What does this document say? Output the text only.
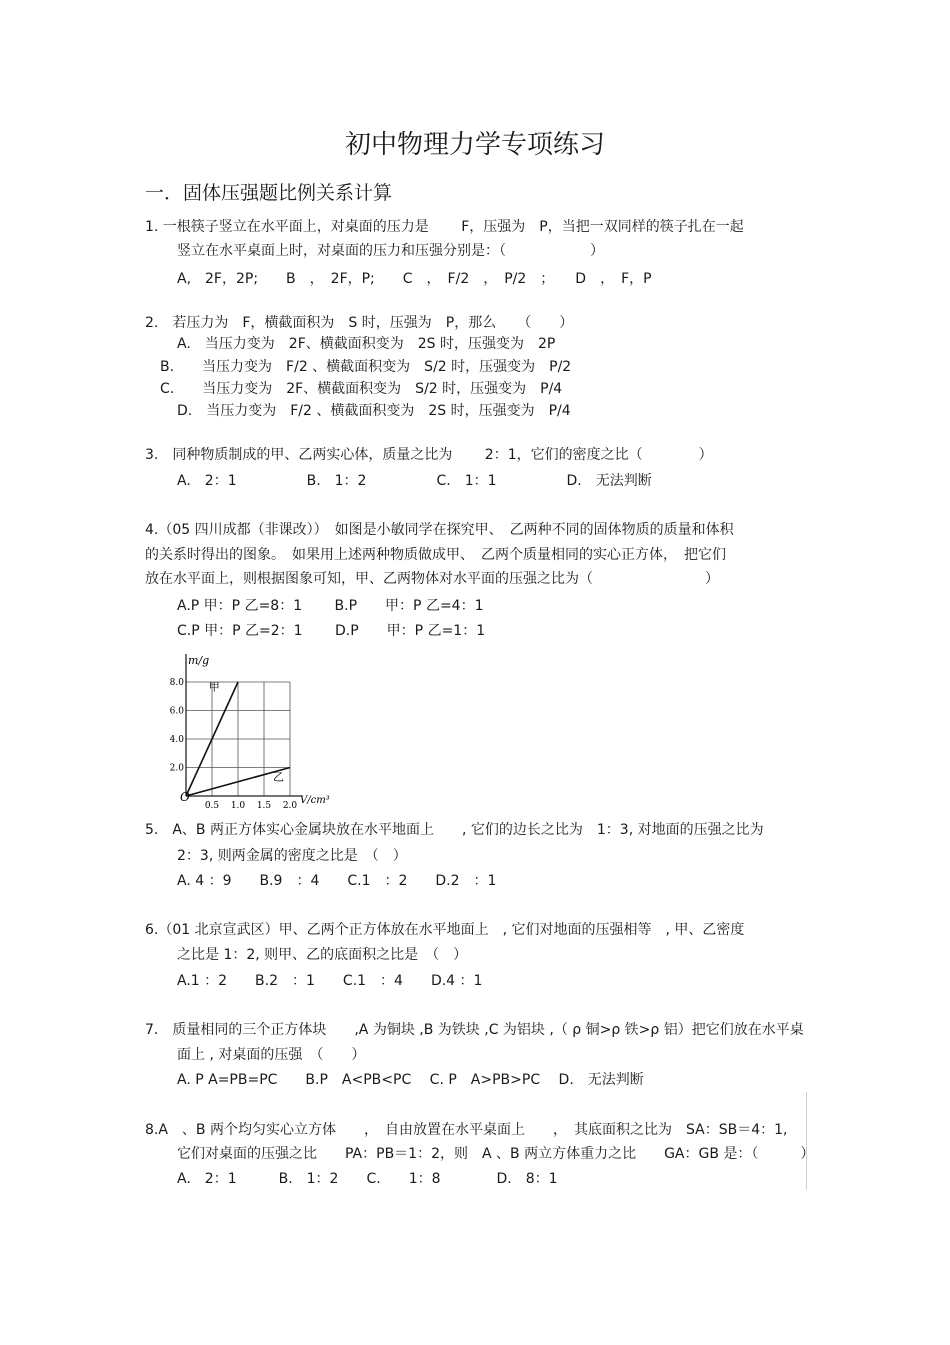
初中物理力学专项练习
一．固体压强题比例关系计算
1. 一根筷子竖立在水平面上，对桌面的压力是　　 F，压强为　P，当把一双同样的筷子扎在一起
竖立在水平桌面上时，对桌面的压力和压强分别是：（　　　　　　）
A,　2F，2P;　　B　，　2F，P;　　C　，　F/2　，　P/2　；　　D　，　F，P
2.　若压力为　F，横截面积为　S 时，压强为　P，那么　　（　　）
A.　当压力变为　2F、横截面积变为　2S 时，压强变为　2P
B.　　当压力变为　F/2 、横截面积变为　S/2 时，压强变为　P/2
C.　　当压力变为　2F、横截面积变为　S/2 时，压强变为　P/4
D.　当压力变为　F/2 、横截面积变为　2S 时，压强变为　P/4
3.　同种物质制成的甲、乙两实心体，质量之比为　　 2：1，它们的密度之比（　　　　）
A.　2：1　　　　　B.　1：2　　　　　C.　1：1　　　　　D.　无法判断
4.（05 四川成都（非课改））　如图是小敏同学在探究甲、　乙两种不同的固体物质的质量和体积
的关系时得出的图象。　如果用上述两种物质做成甲、　乙两个质量相同的实心正方体，　把它们
放在水平面上，则根据图象可知，甲、乙两物体对水平面的压强之比为（　　　　　　　　）
A.P 甲：P 乙=8：1　　 B.P　　甲：P 乙=4：1
C.P 甲：P 乙=2：1　　 D.P　　甲：P 乙=1：1
8.0
6.0
4.0
2.0
0.5 1.0 1.5 2.0
甲
乙
m/g
V/cm³
O
5.　A、B 两正方体实心金属块放在水平地面上　　, 它们的边长之比为　1：3, 对地面的压强之比为
2：3, 则两金属的密度之比是　（　）
A. 4 ：9　　B.9　：4　　C.1　：2　　D.2　：1
6.（01 北京宣武区）甲、乙两个正方体放在水平地面上　, 它们对地面的压强相等　, 甲、乙密度
之比是 1：2, 则甲、乙的底面积之比是　（　）
A.1 ：2　　B.2　：1　　C.1　：4　　D.4 ：1
7.　质量相同的三个正方体块　　,A 为铜块 ,B 为铁块 ,C 为铝块 ,（ ρ 铜>ρ 铁>ρ 铝）把它们放在水平桌
面上 , 对桌面的压强　（　　）
A. P A=PB=PC　　B.P　A<PB<PC　 C. P　A>PB>PC　 D.　无法判断
8.A　、B 两个均匀实心立方体　　，　自由放置在水平桌面上　　，　其底面积之比为　SA：SB＝4：1,
它们对桌面的压强之比　　PA：PB＝1：2，则　A 、B 两立方体重力之比　　GA：GB 是：（　　　）
A.　2：1　　　B.　1：2　　C.　　1：8　　　　D.　8：1
